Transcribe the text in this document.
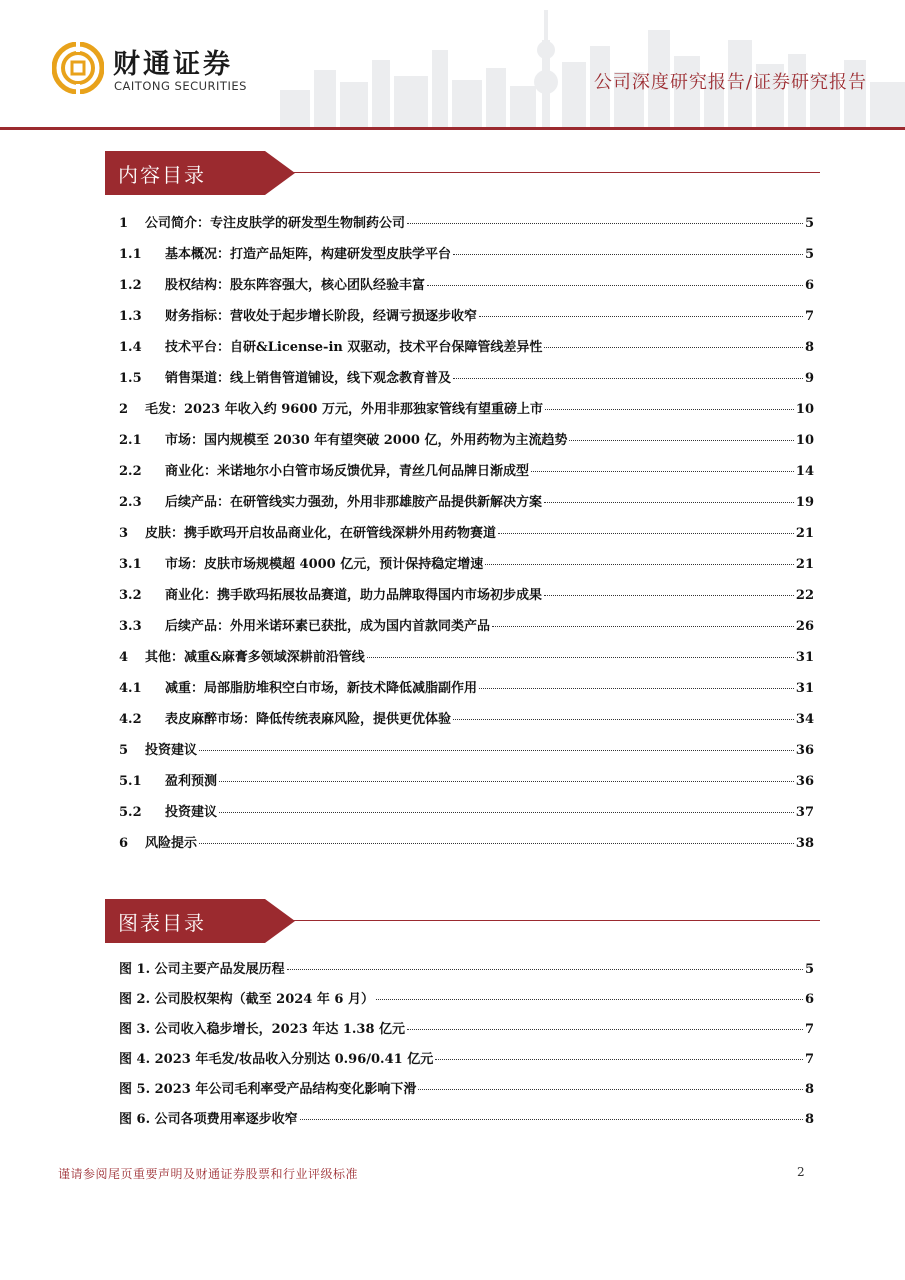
财通证券
CAITONG SECURITIES	公司深度研究报告/证券研究报告
内容目录
1	公司简介：专注皮肤学的研发型生物制药公司	5
1.1	基本概况：打造产品矩阵，构建研发型皮肤学平台	5
1.2	股权结构：股东阵容强大，核心团队经验丰富	6
1.3	财务指标：营收处于起步增长阶段，经调亏损逐步收窄	7
1.4	技术平台：自研&License-in 双驱动，技术平台保障管线差异性	8
1.5	销售渠道：线上销售管道铺设，线下观念教育普及	9
2	毛发：2023 年收入约 9600 万元，外用非那独家管线有望重磅上市	10
2.1	市场：国内规模至 2030 年有望突破 2000 亿，外用药物为主流趋势	10
2.2	商业化：米诺地尔小白管市场反馈优异，青丝几何品牌日渐成型	14
2.3	后续产品：在研管线实力强劲，外用非那雄胺产品提供新解决方案	19
3	皮肤：携手欧玛开启妆品商业化，在研管线深耕外用药物赛道	21
3.1	市场：皮肤市场规模超 4000 亿元，预计保持稳定增速	21
3.2	商业化：携手欧玛拓展妆品赛道，助力品牌取得国内市场初步成果	22
3.3	后续产品：外用米诺环素已获批，成为国内首款同类产品	26
4	其他：减重&麻膏多领域深耕前沿管线	31
4.1	减重：局部脂肪堆积空白市场，新技术降低减脂副作用	31
4.2	表皮麻醉市场：降低传统表麻风险，提供更优体验	34
5	投资建议	36
5.1	盈利预测	36
5.2	投资建议	37
6	风险提示	38
图表目录
图 1. 公司主要产品发展历程	5
图 2. 公司股权架构（截至 2024 年 6 月）	6
图 3. 公司收入稳步增长，2023 年达 1.38 亿元	7
图 4. 2023 年毛发/妆品收入分别达 0.96/0.41 亿元	7
图 5. 2023 年公司毛利率受产品结构变化影响下滑	8
图 6. 公司各项费用率逐步收窄	8
谨请参阅尾页重要声明及财通证券股票和行业评级标准	2
